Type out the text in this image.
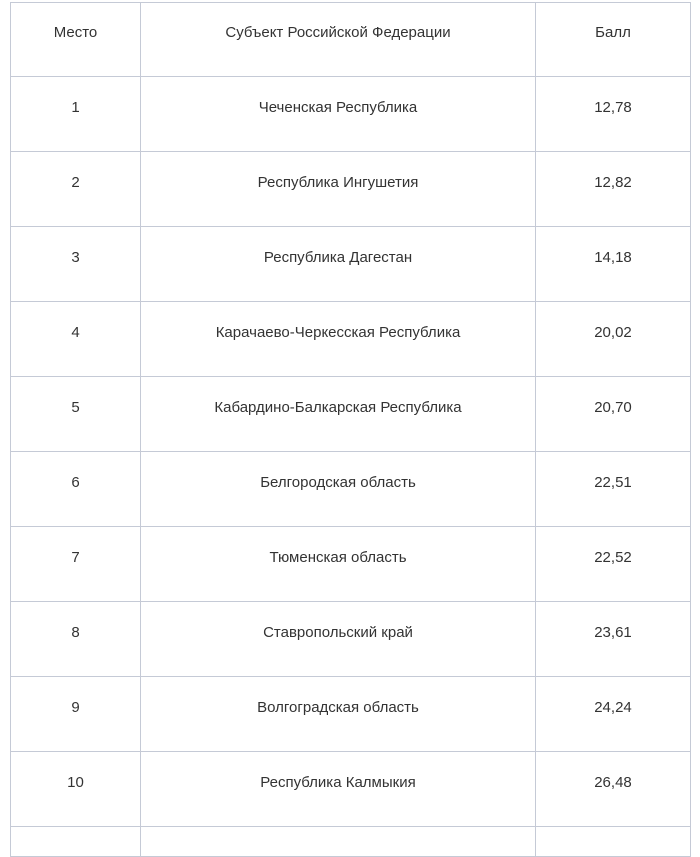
Место	Субъект Российской Федерации	Балл
1	Чеченская Республика	12,78
2	Республика Ингушетия	12,82
3	Республика Дагестан	14,18
4	Карачаево-Черкесская Республика	20,02
5	Кабардино-Балкарская Республика	20,70
6	Белгородская область	22,51
7	Тюменская область	22,52
8	Ставропольский край	23,61
9	Волгоградская область	24,24
10	Республика Калмыкия	26,48
